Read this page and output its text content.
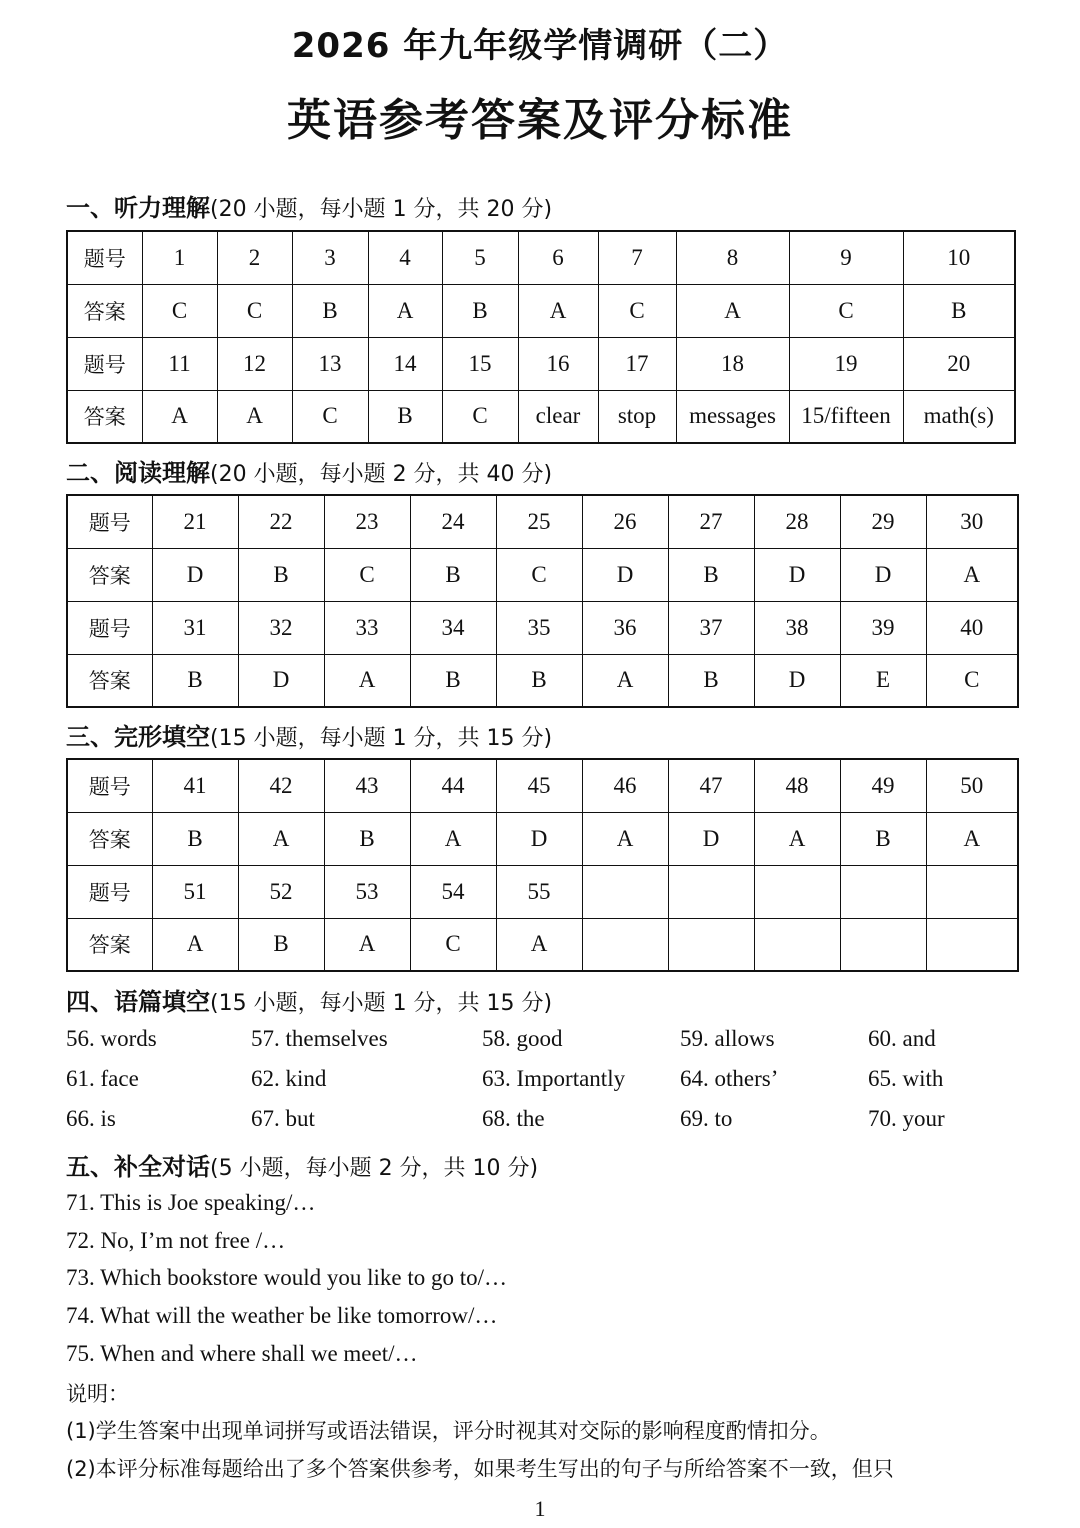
2026 年九年级学情调研（二）
英语参考答案及评分标准
一、听力理解(20 小题，每小题 1 分，共 20 分)
题号	1	2	3	4	5	6	7	8	9	10
答案	C	C	B	A	B	A	C	A	C	B
题号	11	12	13	14	15	16	17	18	19	20
答案	A	A	C	B	C	clear	stop	messages	15/fifteen	math(s)
二、阅读理解(20 小题，每小题 2 分，共 40 分)
题号	21	22	23	24	25	26	27	28	29	30
答案	D	B	C	B	C	D	B	D	D	A
题号	31	32	33	34	35	36	37	38	39	40
答案	B	D	A	B	B	A	B	D	E	C
三、完形填空(15 小题，每小题 1 分，共 15 分)
题号	41	42	43	44	45	46	47	48	49	50
答案	B	A	B	A	D	A	D	A	B	A
题号	51	52	53	54	55					
答案	A	B	A	C	A					
四、语篇填空(15 小题，每小题 1 分，共 15 分)
56. words	57. themselves	58. good	59. allows	60. and
61. face	62. kind	63. Importantly 64. others’	65. with
66. is	67. but	68. the	69. to	70. your
五、补全对话(5 小题，每小题 2 分，共 10 分)
71. This is Joe speaking/…
72. No, I’m not free /…
73. Which bookstore would you like to go to/…
74. What will the weather be like tomorrow/…
75. When and where shall we meet/…
说明：
(1)学生答案中出现单词拼写或语法错误，评分时视其对交际的影响程度酌情扣分。
(2)本评分标准每题给出了多个答案供参考，如果考生写出的句子与所给答案不一致，但只
1
